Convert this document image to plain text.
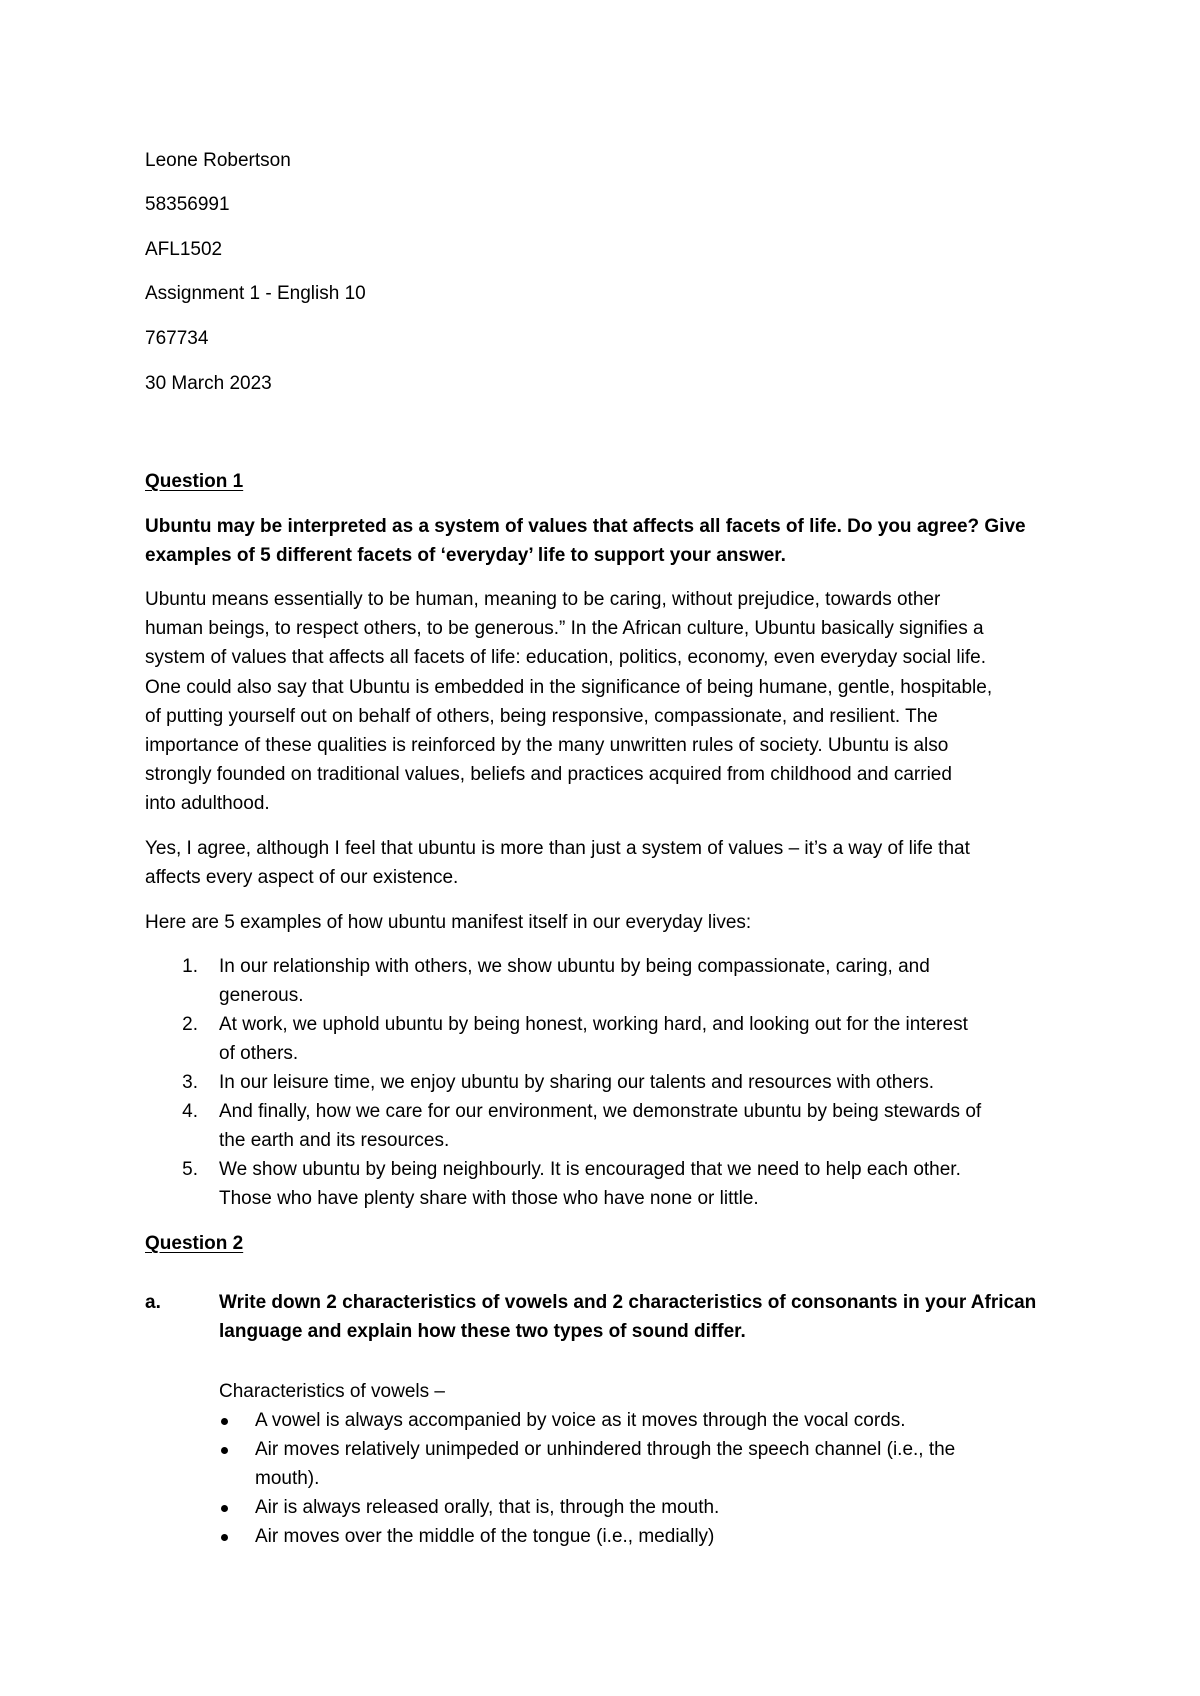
Leone Robertson

58356991

AFL1502

Assignment 1 - English 10

767734

30 March 2023

Question 1

Ubuntu may be interpreted as a system of values that affects all facets of life. Do you agree? Give

examples of 5 different facets of ‘everyday’ life to support your answer.

Ubuntu means essentially to be human, meaning to be caring, without prejudice, towards other

human beings, to respect others, to be generous.” In the African culture, Ubuntu basically signifies a

system of values that affects all facets of life: education, politics, economy, even everyday social life.

One could also say that Ubuntu is embedded in the significance of being humane, gentle, hospitable,

of putting yourself out on behalf of others, being responsive, compassionate, and resilient. The

importance of these qualities is reinforced by the many unwritten rules of society. Ubuntu is also

strongly founded on traditional values, beliefs and practices acquired from childhood and carried

into adulthood.

Yes, I agree, although I feel that ubuntu is more than just a system of values – it’s a way of life that

affects every aspect of our existence.

Here are 5 examples of how ubuntu manifest itself in our everyday lives:

1. In our relationship with others, we show ubuntu by being compassionate, caring, and

generous.

2. At work, we uphold ubuntu by being honest, working hard, and looking out for the interest

of others.

3. In our leisure time, we enjoy ubuntu by sharing our talents and resources with others.

4. And finally, how we care for our environment, we demonstrate ubuntu by being stewards of

the earth and its resources.

5. We show ubuntu by being neighbourly. It is encouraged that we need to help each other.

Those who have plenty share with those who have none or little.

Question 2

a.	Write down 2 characteristics of vowels and 2 characteristics of consonants in your African

language and explain how these two types of sound differ.

Characteristics of vowels –

A vowel is always accompanied by voice as it moves through the vocal cords.

Air moves relatively unimpeded or unhindered through the speech channel (i.e., the

mouth).

Air is always released orally, that is, through the mouth.

Air moves over the middle of the tongue (i.e., medially)
